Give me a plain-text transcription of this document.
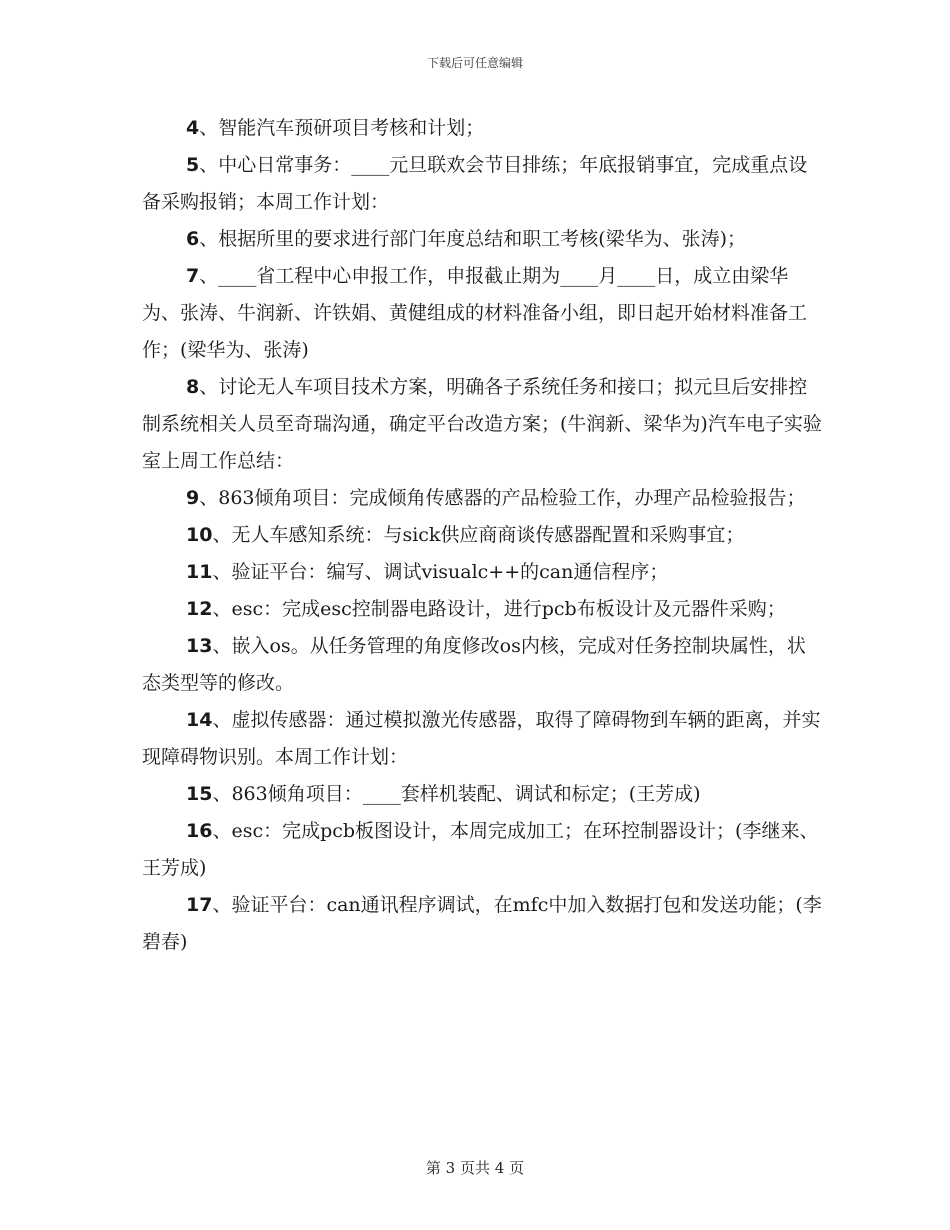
下载后可任意编辑

4、智能汽车预研项目考核和计划；

5、中心日常事务：____元旦联欢会节目排练；年底报销事宜，完成重点设备采购报销；本周工作计划：

6、根据所里的要求进行部门年度总结和职工考核(梁华为、张涛)；

7、____省工程中心申报工作，申报截止期为____月____日，成立由梁华为、张涛、牛润新、许铁娟、黄健组成的材料准备小组，即日起开始材料准备工作；(梁华为、张涛)

8、讨论无人车项目技术方案，明确各子系统任务和接口；拟元旦后安排控制系统相关人员至奇瑞沟通，确定平台改造方案；(牛润新、梁华为)汽车电子实验室上周工作总结：

9、863倾角项目：完成倾角传感器的产品检验工作，办理产品检验报告；

10、无人车感知系统：与sick供应商商谈传感器配置和采购事宜；

11、验证平台：编写、调试visualc++的can通信程序；

12、esc：完成esc控制器电路设计，进行pcb布板设计及元器件采购；

13、嵌入os。从任务管理的角度修改os内核，完成对任务控制块属性，状态类型等的修改。

14、虚拟传感器：通过模拟激光传感器，取得了障碍物到车辆的距离，并实现障碍物识别。本周工作计划：

15、863倾角项目：____套样机装配、调试和标定；(王芳成)

16、esc：完成pcb板图设计，本周完成加工；在环控制器设计；(李继来、王芳成)

17、验证平台：can通讯程序调试，在mfc中加入数据打包和发送功能；(李碧春)

第 3 页共 4 页
